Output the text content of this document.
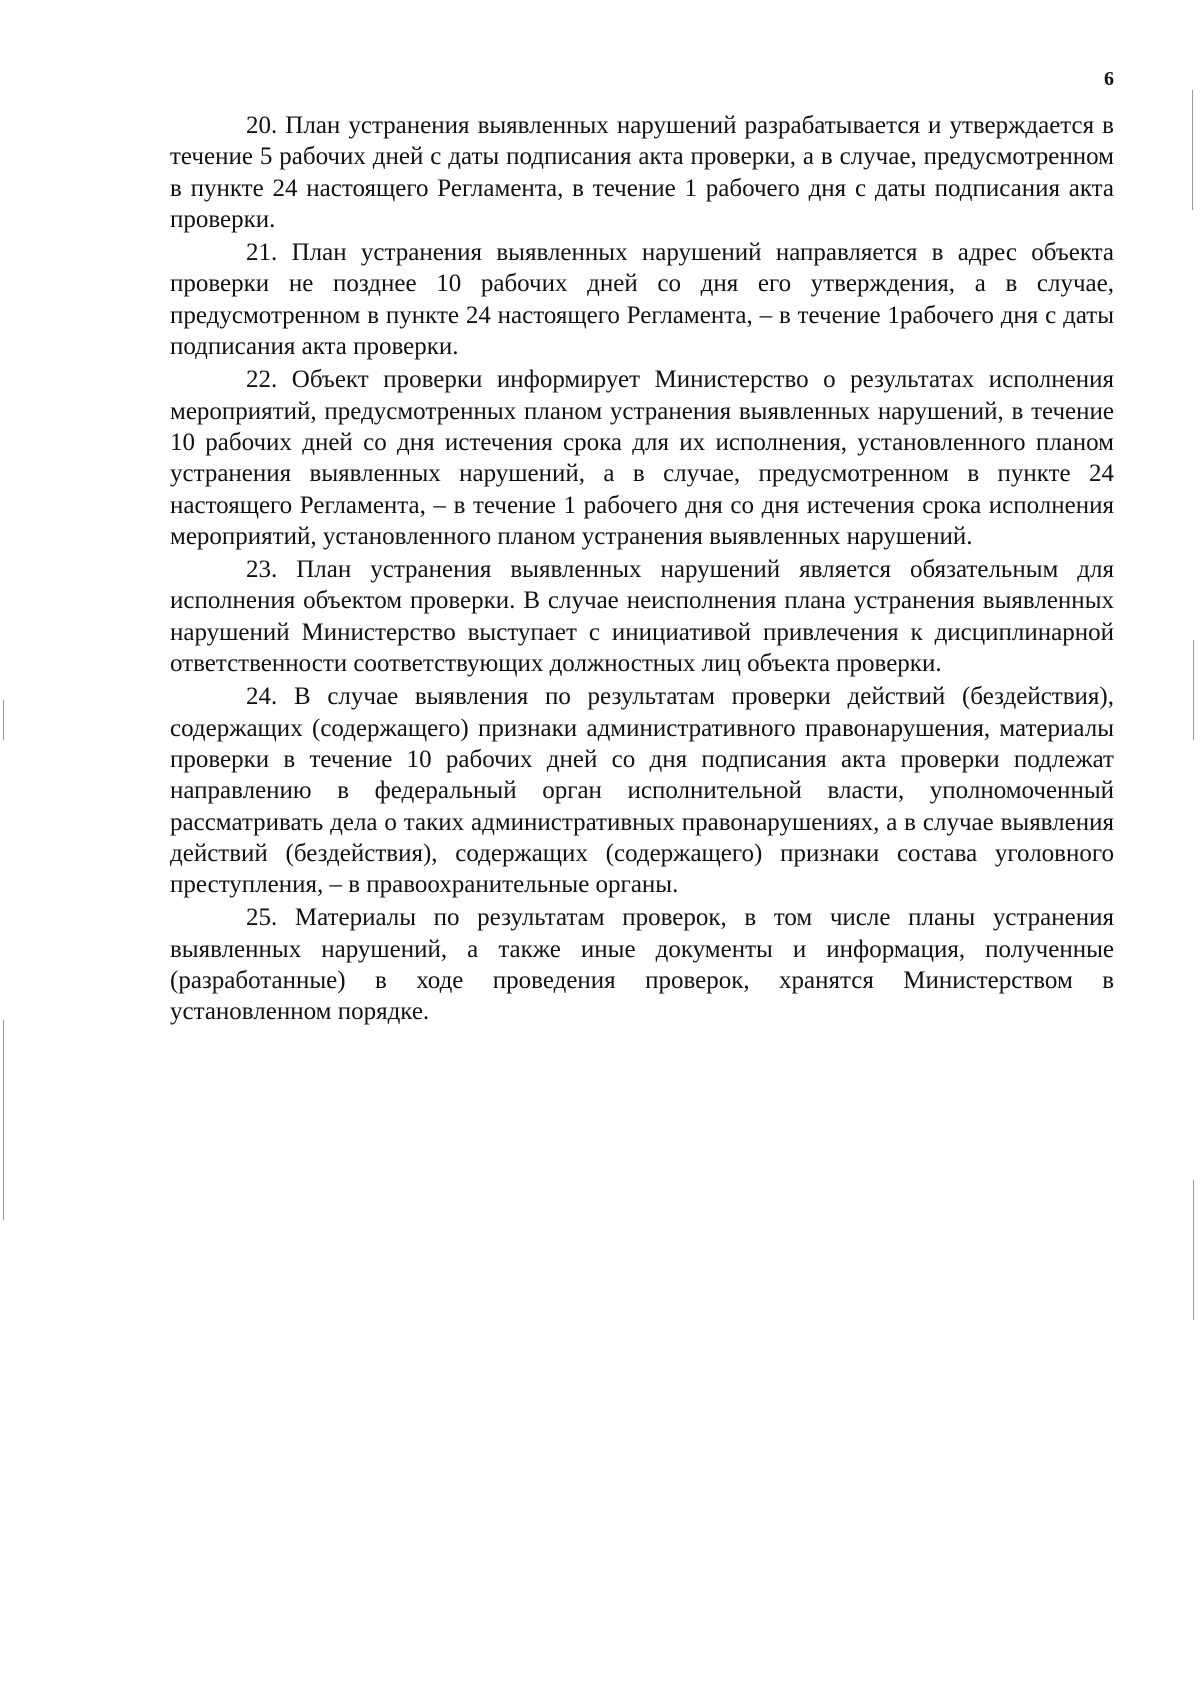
6

20. План устранения выявленных нарушений разрабатывается и утверждается в течение 5 рабочих дней с даты подписания акта проверки, а в случае, предусмотренном в пункте 24 настоящего Регламента, в течение 1 рабочего дня с даты подписания акта проверки.

21. План устранения выявленных нарушений направляется в адрес объекта проверки не позднее 10 рабочих дней со дня его утверждения, а в случае, предусмотренном в пункте 24 настоящего Регламента, – в течение 1рабочего дня с даты подписания акта проверки.

22. Объект проверки информирует Министерство о результатах исполнения мероприятий, предусмотренных планом устранения выявленных нарушений, в течение 10 рабочих дней со дня истечения срока для их исполнения, установленного планом устранения выявленных нарушений, а в случае, предусмотренном в пункте 24 настоящего Регламента, – в течение 1 рабочего дня со дня истечения срока исполнения мероприятий, установленного планом устранения выявленных нарушений.

23. План устранения выявленных нарушений является обязательным для исполнения объектом проверки. В случае неисполнения плана устранения выявленных нарушений Министерство выступает с инициативой привлечения к дисциплинарной ответственности соответствующих должностных лиц объекта проверки.

24. В случае выявления по результатам проверки действий (бездействия), содержащих (содержащего) признаки административного правонарушения, материалы проверки в течение 10 рабочих дней со дня подписания акта проверки подлежат направлению в федеральный орган исполнительной власти, уполномоченный рассматривать дела о таких административных правонарушениях, а в случае выявления действий (бездействия), содержащих (содержащего) признаки состава уголовного преступления, – в правоохранительные органы.

25. Материалы по результатам проверок, в том числе планы устранения выявленных нарушений, а также иные документы и информация, полученные (разработанные) в ходе проведения проверок, хранятся Министерством в установленном порядке.
